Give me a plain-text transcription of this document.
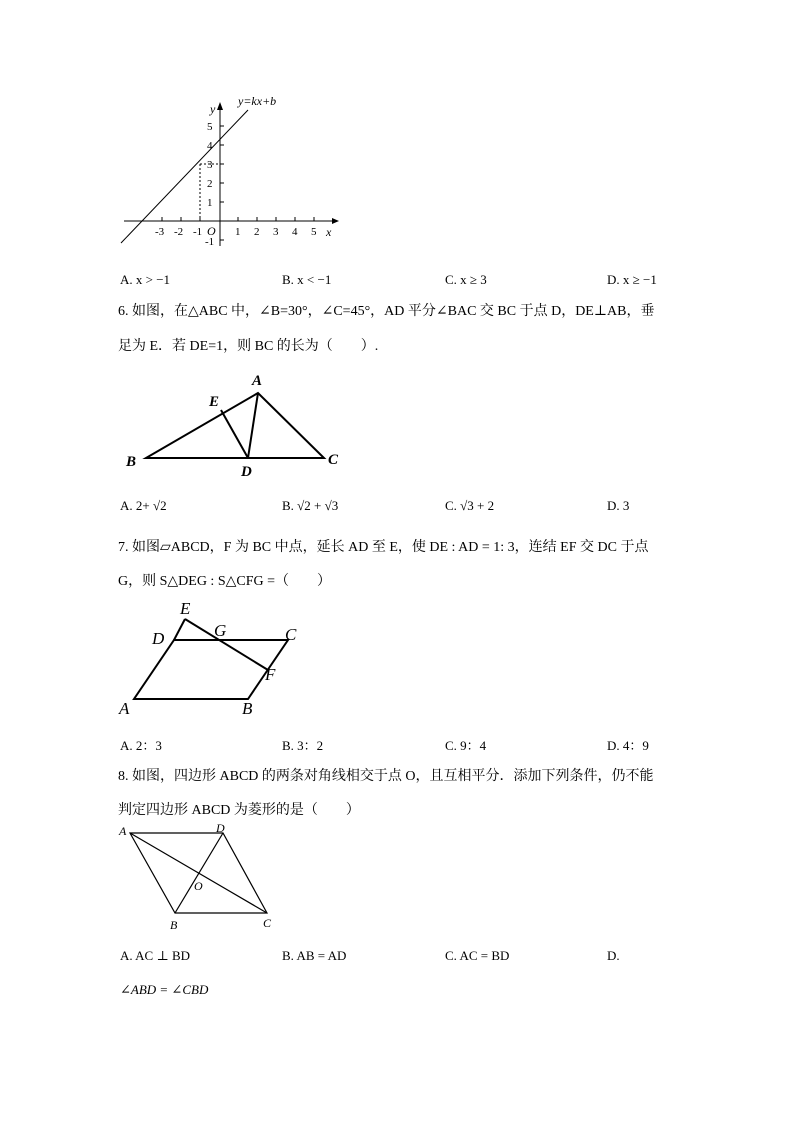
y=kx+b
y
x
O
5
4
3
2
1
-1
-3 -2 -1	1 2 3 4 5
A. x > −1	B. x < −1	C. x ≥ 3	D. x ≥ −1
6. 如图，在△ABC 中，∠B=30°，∠C=45°，AD 平分∠BAC 交 BC 于点 D，DE⊥AB，垂
足为 E．若 DE=1，则 BC 的长为（　　）.
A
E
B
D
C
A. 2+ √2	B. √2 + √3	C. √3 + 2	D. 3
7. 如图▱ABCD，F 为 BC 中点，延长 AD 至 E，使 DE : AD = 1: 3，连结 EF 交 DC 于点
G，则 S△DEG : S△CFG =（　　）
E
D	G	C
F
A	B
A. 2：3	B. 3：2	C. 9：4	D. 4：9
8. 如图，四边形 ABCD 的两条对角线相交于点 O，且互相平分．添加下列条件，仍不能
判定四边形 ABCD 为菱形的是（　　）
A	D
O
B	C
A. AC ⊥ BD	B. AB = AD	C. AC = BD	D.
∠ABD = ∠CBD
